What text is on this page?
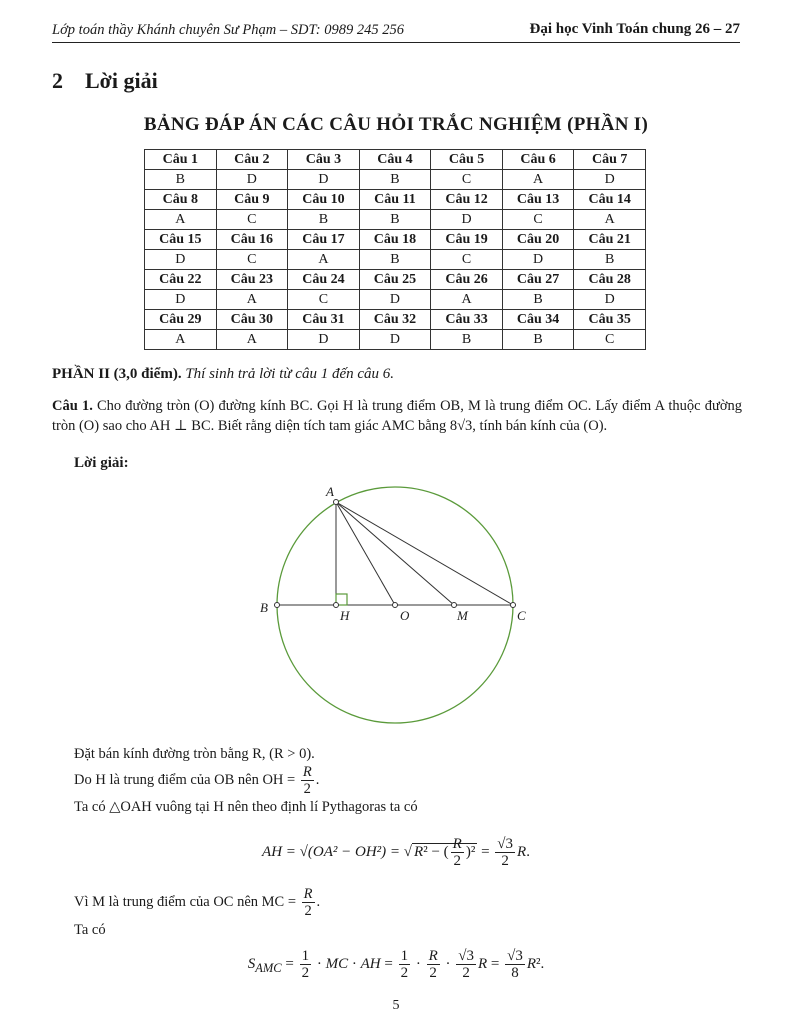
Lớp toán thầy Khánh chuyên Sư Phạm – SDT: 0989 245 256	Đại học Vinh Toán chung 26 – 27
2 Lời giải
BẢNG ĐÁP ÁN CÁC CÂU HỎI TRẮC NGHIỆM (PHẦN I)
Câu 1	Câu 2	Câu 3	Câu 4	Câu 5	Câu 6	Câu 7
B	D	D	B	C	A	D
Câu 8	Câu 9	Câu 10	Câu 11	Câu 12	Câu 13	Câu 14
A	C	B	B	D	C	A
Câu 15	Câu 16	Câu 17	Câu 18	Câu 19	Câu 20	Câu 21
D	C	A	B	C	D	B
Câu 22	Câu 23	Câu 24	Câu 25	Câu 26	Câu 27	Câu 28
D	A	C	D	A	B	D
Câu 29	Câu 30	Câu 31	Câu 32	Câu 33	Câu 34	Câu 35
A	A	D	D	B	B	C
PHẦN II (3,0 điểm). Thí sinh trả lời từ câu 1 đến câu 6.
Câu 1. Cho đường tròn (O) đường kính BC. Gọi H là trung điểm OB, M là trung điểm OC. Lấy điểm A thuộc đường tròn (O) sao cho AH ⊥ BC. Biết rằng diện tích tam giác AMC bằng 8√3, tính bán kính của (O).
Lời giải:
A
B
H	O	M	C
Đặt bán kính đường tròn bằng R, (R > 0).
Do H là trung điểm của OB nên OH = $\frac{R}{2}$ .
Ta có △OAH vuông tại H nên theo định lí Pythagoras ta có
AH = √(OA² − OH²) = √ R² − ( $\frac{R}{2} )^2 = \frac{√3}{2} R$.
Vì M là trung điểm của OC nên MC = $\frac{R}{2}$ .
Ta có
$S_{AMC} = \frac{1}{2}$ · MC · AH = $\frac{1}{2} \cdot \frac{R}{2} \cdot \frac{√3}{2}$ $R = \frac{√3}{8} R^2$.
5
